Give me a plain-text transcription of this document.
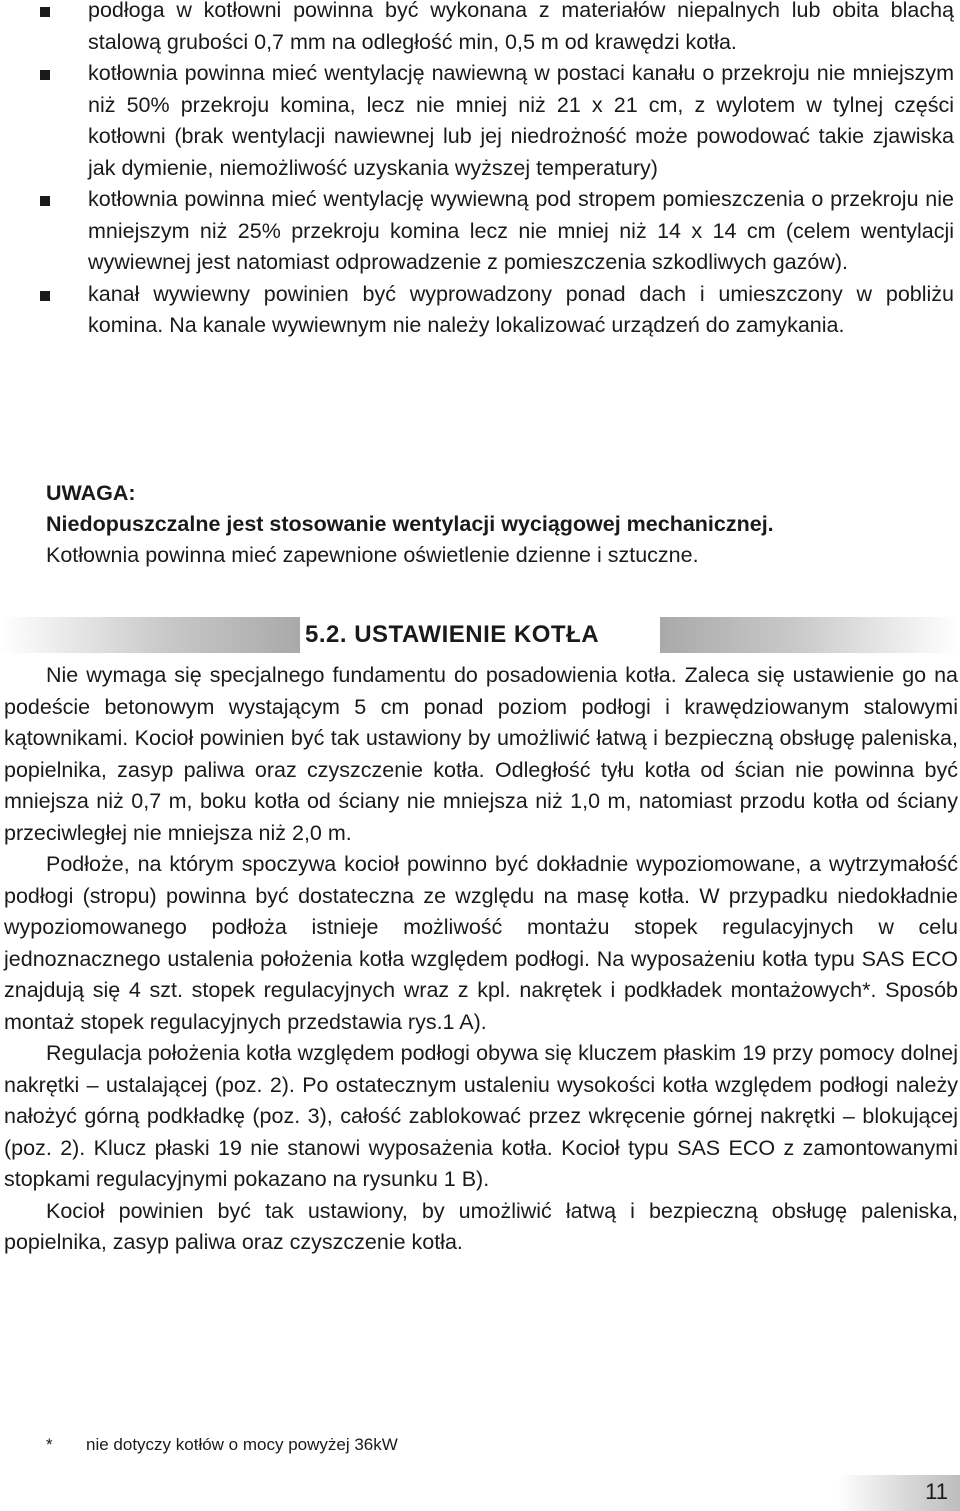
podłoga w kotłowni powinna być wykonana z materiałów niepalnych lub obita blachą stalową grubości 0,7 mm na odległość min, 0,5 m od krawędzi kotła.
kotłownia powinna mieć wentylację nawiewną w postaci kanału o przekroju nie mniejszym niż 50% przekroju komina, lecz nie mniej niż 21 x 21 cm, z wylotem w tylnej części kotłowni (brak wentylacji nawiewnej lub jej niedrożność może powodować takie zjawiska jak dymienie, niemożliwość uzyskania wyższej temperatury)
kotłownia powinna mieć wentylację wywiewną pod stropem pomieszczenia o przekroju nie mniejszym niż 25% przekroju komina lecz nie mniej niż 14 x 14 cm (celem wentylacji wywiewnej jest natomiast odprowadzenie z pomieszczenia szkodliwych gazów).
kanał wywiewny powinien być wyprowadzony ponad dach i umieszczony w pobliżu komina. Na kanale wywiewnym nie należy lokalizować urządzeń do zamykania.

UWAGA:

Niedopuszczalne jest stosowanie wentylacji wyciągowej mechanicznej.

Kotłownia powinna mieć zapewnione oświetlenie dzienne i sztuczne.

5.2. USTAWIENIE KOTŁA

Nie wymaga się specjalnego fundamentu do posadowienia kotła. Zaleca się ustawienie go na podeście betonowym wystającym 5 cm ponad poziom podłogi i krawędziowanym stalowymi kątownikami. Kocioł powinien być tak ustawiony by umożliwić łatwą i bezpieczną obsługę paleniska, popielnika, zasyp paliwa oraz czyszczenie kotła. Odległość tyłu kotła od ścian nie powinna być mniejsza niż 0,7 m, boku kotła od ściany nie mniejsza niż 1,0 m, natomiast przodu kotła od ściany przeciwległej nie mniejsza niż 2,0 m.

Podłoże, na którym spoczywa kocioł powinno być dokładnie wypoziomowane, a wytrzymałość podłogi (stropu) powinna być dostateczna ze względu na masę kotła. W przypadku niedokładnie wypoziomowanego podłoża istnieje możliwość montażu stopek regulacyjnych w celu jednoznacznego ustalenia położenia kotła względem podłogi. Na wyposażeniu kotła typu SAS ECO znajdują się 4 szt. stopek regulacyjnych wraz z kpl. nakrętek i podkładek montażowych*. Sposób montaż stopek regulacyjnych przedstawia rys.1 A).

Regulacja położenia kotła względem podłogi obywa się kluczem płaskim 19 przy pomocy dolnej nakrętki – ustalającej (poz. 2). Po ostatecznym ustaleniu wysokości kotła względem podłogi należy nałożyć górną podkładkę (poz. 3), całość zablokować przez wkręcenie górnej nakrętki – blokującej (poz. 2). Klucz płaski 19 nie stanowi wyposażenia kotła. Kocioł typu SAS ECO z zamontowanymi stopkami regulacyjnymi pokazano na rysunku 1 B).

Kocioł powinien być tak ustawiony, by umożliwić łatwą i bezpieczną obsługę paleniska, popielnika, zasyp paliwa oraz czyszczenie kotła.

* nie dotyczy kotłów o mocy powyżej 36kW
11
